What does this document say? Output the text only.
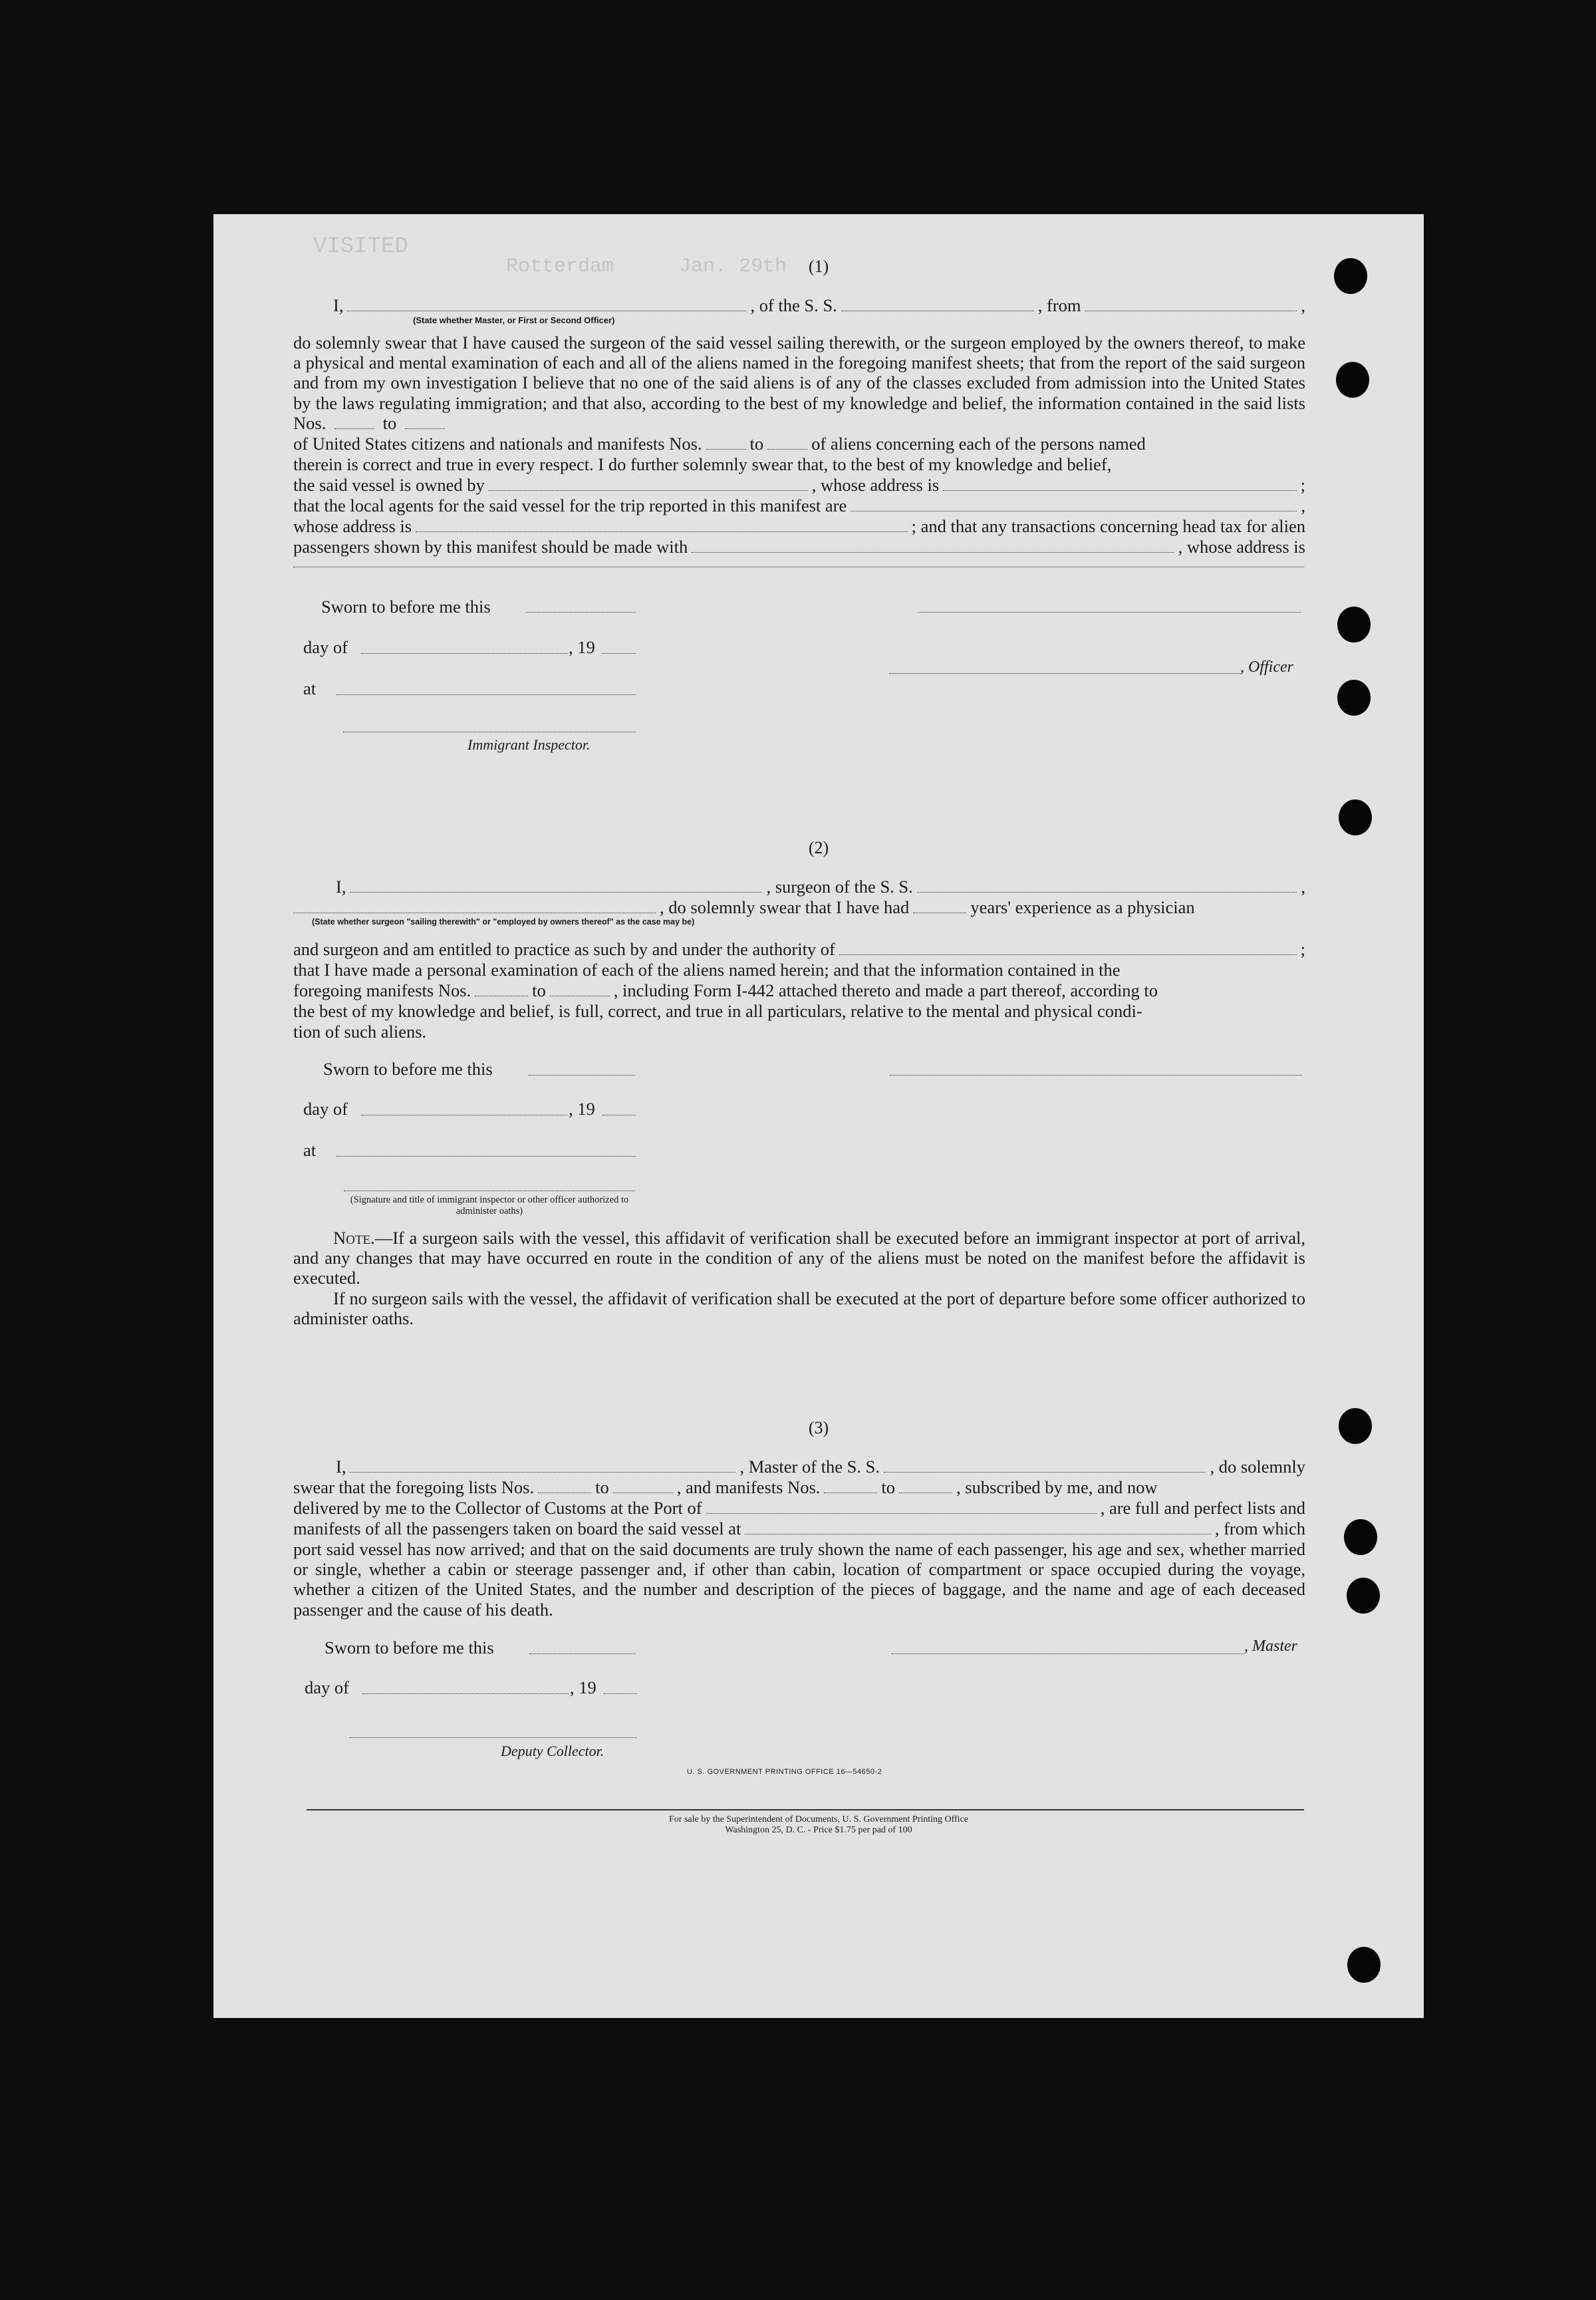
VISITED
Rotterdam	Jan. 29th	(1)
I,	, of the S. S.	, from	,
(State whether Master, or First or Second Officer)
do solemnly swear that I have caused the surgeon of the said vessel sailing therewith, or the surgeon employed by the owners thereof, to make a physical and mental examination of each and all of the aliens named in the foregoing manifest sheets; that from the report of the said surgeon and from my own investigation I believe that no one of the said aliens is of any of the classes excluded from admission into the United States by the laws regulating immigration; and that also, according to the best of my knowledge and belief, the information contained in the said lists Nos.	to
of United States citizens and nationals and manifests Nos.	to	of aliens concerning each of the persons named
therein is correct and true in every respect. I do further solemnly swear that, to the best of my knowledge and belief,
the said vessel is owned by	, whose address is	;
that the local agents for the said vessel for the trip reported in this manifest are	,
whose address is	; and that any transactions concerning head tax for alien
passengers shown by this manifest should be made with	, whose address is
Sworn to before me this
day of	, 19
, Officer
at
Immigrant Inspector.
(2)
I,	, surgeon of the S. S.	,
, do solemnly swear that I have had	years' experience as a physician
(State whether surgeon "sailing therewith" or "employed by owners thereof" as the case may be)
and surgeon and am entitled to practice as such by and under the authority of	;
that I have made a personal examination of each of the aliens named herein; and that the information contained in the
foregoing manifests Nos.	to	, including Form I-442 attached thereto and made a part thereof, according to
the best of my knowledge and belief, is full, correct, and true in all particulars, relative to the mental and physical condi-
tion of such aliens.
Sworn to before me this
day of	, 19
at
(Signature and title of immigrant inspector or other officer authorized to administer oaths)
Note.—If a surgeon sails with the vessel, this affidavit of verification shall be executed before an immigrant inspector at port of arrival, and any changes that may have occurred en route in the condition of any of the aliens must be noted on the manifest before the affidavit is executed.
If no surgeon sails with the vessel, the affidavit of verification shall be executed at the port of departure before some officer authorized to administer oaths.
(3)
I,	, Master of the S. S.	, do solemnly
swear that the foregoing lists Nos.	to	, and manifests Nos.	to	, subscribed by me, and now
delivered by me to the Collector of Customs at the Port of	, are full and perfect lists and
manifests of all the passengers taken on board the said vessel at	, from which
port said vessel has now arrived; and that on the said documents are truly shown the name of each passenger, his age and sex, whether married or single, whether a cabin or steerage passenger and, if other than cabin, location of compartment or space occupied during the voyage, whether a citizen of the United States, and the number and description of the pieces of baggage, and the name and age of each deceased passenger and the cause of his death.
Sworn to before me this	, Master
day of	, 19
Deputy Collector.
U. S. GOVERNMENT PRINTING OFFICE 16—54650-2
For sale by the Superintendent of Documents, U. S. Government Printing Office
Washington 25, D. C. - Price $1.75 per pad of 100
